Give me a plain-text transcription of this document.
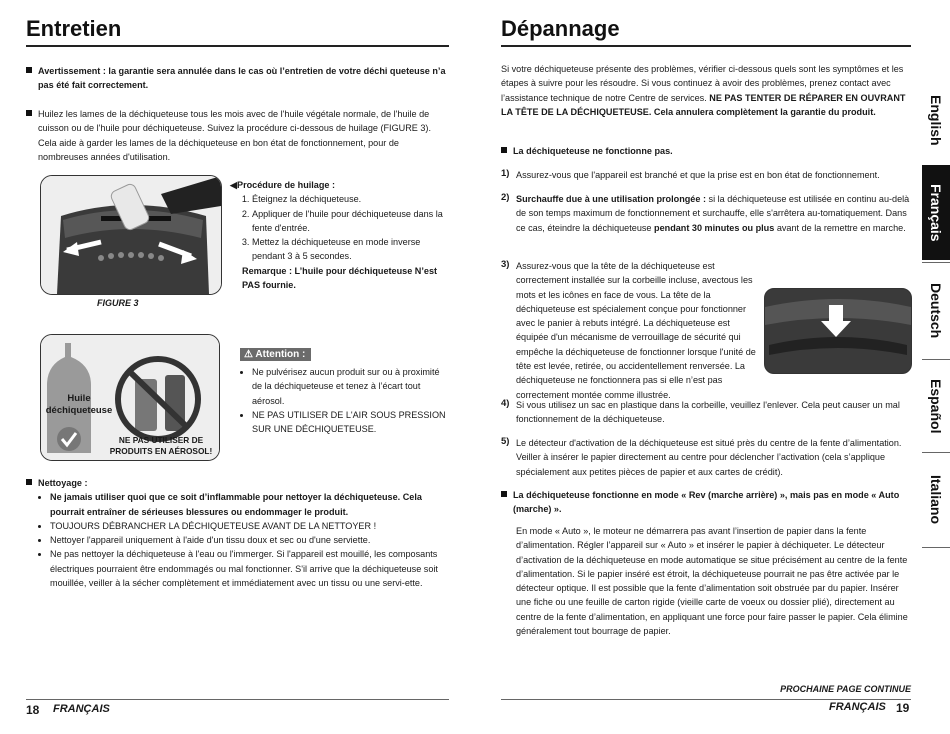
Entretien

Avertissement : la garantie sera annulée dans le cas où l’entretien de votre déchi queteuse n’a pas été fait correctement.

Huilez les lames de la déchiqueteuse tous les mois avec de l'huile végétale normale, de l'huile de cuisson ou de l'huile pour déchiqueteuse. Suivez la procédure ci-dessous de huilage (FIGURE 3). Cela aide à garder les lames de la déchiqueteuse en bon état de fonctionnement, pour de nombreuses années d'utilisation.

FIGURE 3

◀Procédure de huilage :

1. Éteignez la déchiqueteuse.
2. Appliquer de l'huile pour déchiqueteuse dans la fente d'entrée.
3. Mettez la déchiqueteuse en mode inverse pendant 3 à 5 secondes.

Remarque : L’huile pour déchiqueteuse N’est PAS fournie.

Huile déchiqueteuse
NE PAS UTILISER DE PRODUITS EN AÉROSOL!
⚠ Attention :
• Ne pulvérisez aucun produit sur ou à proximité de la déchiqueteuse et tenez à l’écart tout aérosol.
• NE PAS UTILISER DE L'AIR SOUS PRESSION SUR UNE DÉCHIQUETEUSE.

Nettoyage :

• Ne jamais utiliser quoi que ce soit d’inflammable pour nettoyer la déchiqueteuse. Cela pourrait entraîner de sérieuses blessures ou endommager le produit.
• TOUJOURS DÉBRANCHER LA DÉCHIQUETEUSE AVANT DE LA NETTOYER !
• Nettoyer l'appareil uniquement à l'aide d'un tissu doux et sec ou d'une serviette.
• Ne pas nettoyer la déchiqueteuse à l'eau ou l'immerger. Si l'appareil est mouillé, les composants électriques pourraient être endommagés ou mal fonctionner. S'il arrive que la déchiqueteuse soit mouillée, veiller à la sécher complètement et immédiatement avec un tissu ou une servi-ette.
18 FRANÇAIS
Dépannage

Si votre déchiqueteuse présente des problèmes, vérifier ci-dessous quels sont les symptômes et les étapes à suivre pour les résoudre. Si vous continuez à avoir des problèmes, prenez contact avec l’assistance technique de notre Centre de services. NE PAS TENTER DE RÉPARER EN OUVRANT LA TÊTE DE LA DÉCHIQUETEUSE. Cela annulera complètement la garantie du produit.

La déchiqueteuse ne fonctionne pas.

1) Assurez-vous que l'appareil est branché et que la prise est en bon état de fonctionnement.

2) Surchauffe due à une utilisation prolongée : si la déchiqueteuse est utilisée en continu au-delà de son temps maximum de fonctionnement et surchauffe, elle s'arrêtera au-tomatiquement. Dans ce cas, éteindre la déchiqueteuse pendant 30 minutes ou plus avant de la remettre en marche.

3) Assurez-vous que la tête de la déchiqueteuse est correctement installée sur la corbeille incluse, avectous les mots et les icônes en face de vous. La tête de la déchiqueteuse est spécialement conçue pour fonctionner avec le panier à rebuts intégré. La déchiqueteuse est équipée d'un mécanisme de verrouillage de sécurité qui empêche la déchiqueteuse de fonctionner lorsque l'unité de tête est levée, retirée, ou accidentellement renversée. La déchiqueteuse ne fonctionnera pas si elle n’est pas correctement montée comme illustrée.

4) Si vous utilisez un sac en plastique dans la corbeille, veuillez l'enlever. Cela peut causer un mal fonctionnement de la déchiqueteuse.

5) Le détecteur d'activation de la déchiqueteuse est situé près du centre de la fente d’alimentation. Veiller à insérer le papier directement au centre pour déclencher l’activation (cela s’applique spécialement aux petites pièces de papier et aux cartes de crédit).

La déchiqueteuse fonctionne en mode « Rev (marche arrière) », mais pas en mode « Auto (marche) ».

En mode « Auto », le moteur ne démarrera pas avant l’insertion de papier dans la fente d’alimentation. Régler l’appareil sur « Auto » et insérer le papier à déchiqueter. Le détecteur d’activation de la déchiqueteuse en mode automatique se situe précisément au centre de la fente d’alimentation. Si le papier inséré est étroit, la déchiqueteuse pourrait ne pas être activée par le détecteur optique. Il est possible que la fente d’alimentation soit obstruée par du papier. Insérer une fiche ou une feuille de carton rigide (vieille carte de voeux ou dossier plié), directement au centre de la fente d’alimentation, en appliquant une force pour faire passer le papier. Cela élimine généralement tout bourrage de papier.

PROCHAINE PAGE CONTINUE
FRANÇAIS 19
English
Français
Deutsch
Español
Italiano
